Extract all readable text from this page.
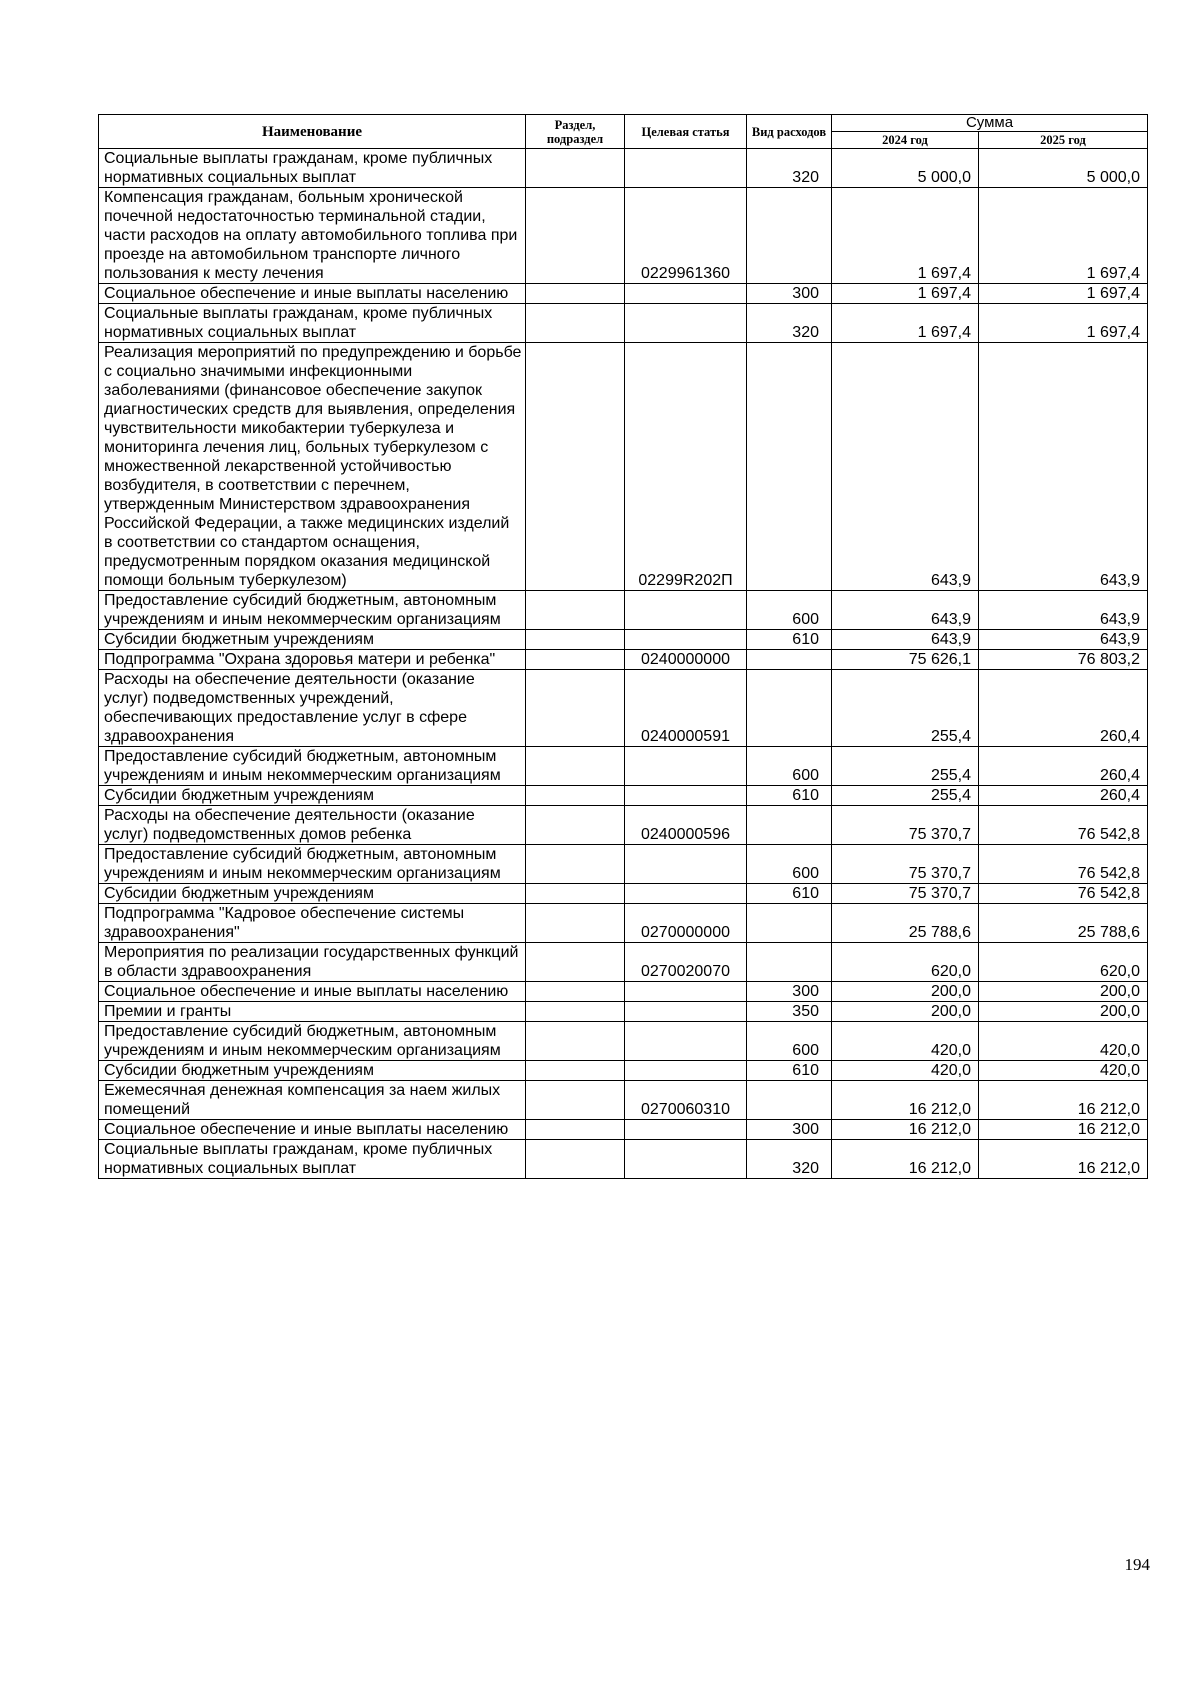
Наименование	Раздел, подраздел	Целевая статья	Вид расходов	Сумма	
				2024 год	2025 год
Социальные выплаты гражданам, кроме публичных нормативных социальных выплат			320	5 000,0	5 000,0
Компенсация гражданам, больным хронической почечной недостаточностью терминальной стадии, части расходов на оплату автомобильного топлива при проезде на автомобильном транспорте личного пользования к месту лечения		0229961360		1 697,4	1 697,4
Социальное обеспечение и иные выплаты населению			300	1 697,4	1 697,4
Социальные выплаты гражданам, кроме публичных нормативных социальных выплат			320	1 697,4	1 697,4
Реализация мероприятий по предупреждению и борьбе с социально значимыми инфекционными заболеваниями (финансовое обеспечение закупок диагностических средств для выявления, определения чувствительности микобактерии туберкулеза и мониторинга лечения лиц, больных туберкулезом с множественной лекарственной устойчивостью возбудителя, в соответствии с перечнем, утвержденным Министерством здравоохранения Российской Федерации, а также медицинских изделий в соответствии со стандартом оснащения, предусмотренным порядком оказания медицинской помощи больным туберкулезом)		02299R202П		643,9	643,9
Предоставление субсидий бюджетным, автономным учреждениям и иным некоммерческим организациям			600	643,9	643,9
Субсидии бюджетным учреждениям			610	643,9	643,9
Подпрограмма "Охрана здоровья матери и ребенка"		0240000000		75 626,1	76 803,2
Расходы на обеспечение деятельности (оказание услуг) подведомственных учреждений, обеспечивающих предоставление услуг в сфере здравоохранения		0240000591		255,4	260,4
Предоставление субсидий бюджетным, автономным учреждениям и иным некоммерческим организациям			600	255,4	260,4
Субсидии бюджетным учреждениям			610	255,4	260,4
Расходы на обеспечение деятельности (оказание услуг) подведомственных домов ребенка		0240000596		75 370,7	76 542,8
Предоставление субсидий бюджетным, автономным учреждениям и иным некоммерческим организациям			600	75 370,7	76 542,8
Субсидии бюджетным учреждениям			610	75 370,7	76 542,8
Подпрограмма "Кадровое обеспечение системы здравоохранения"		0270000000		25 788,6	25 788,6
Мероприятия по реализации государственных функций в области здравоохранения		0270020070		620,0	620,0
Социальное обеспечение и иные выплаты населению			300	200,0	200,0
Премии и гранты			350	200,0	200,0
Предоставление субсидий бюджетным, автономным учреждениям и иным некоммерческим организациям			600	420,0	420,0
Субсидии бюджетным учреждениям			610	420,0	420,0
Ежемесячная денежная компенсация за наем жилых помещений		0270060310		16 212,0	16 212,0
Социальное обеспечение и иные выплаты населению			300	16 212,0	16 212,0
Социальные выплаты гражданам, кроме публичных нормативных социальных выплат			320	16 212,0	16 212,0
194
